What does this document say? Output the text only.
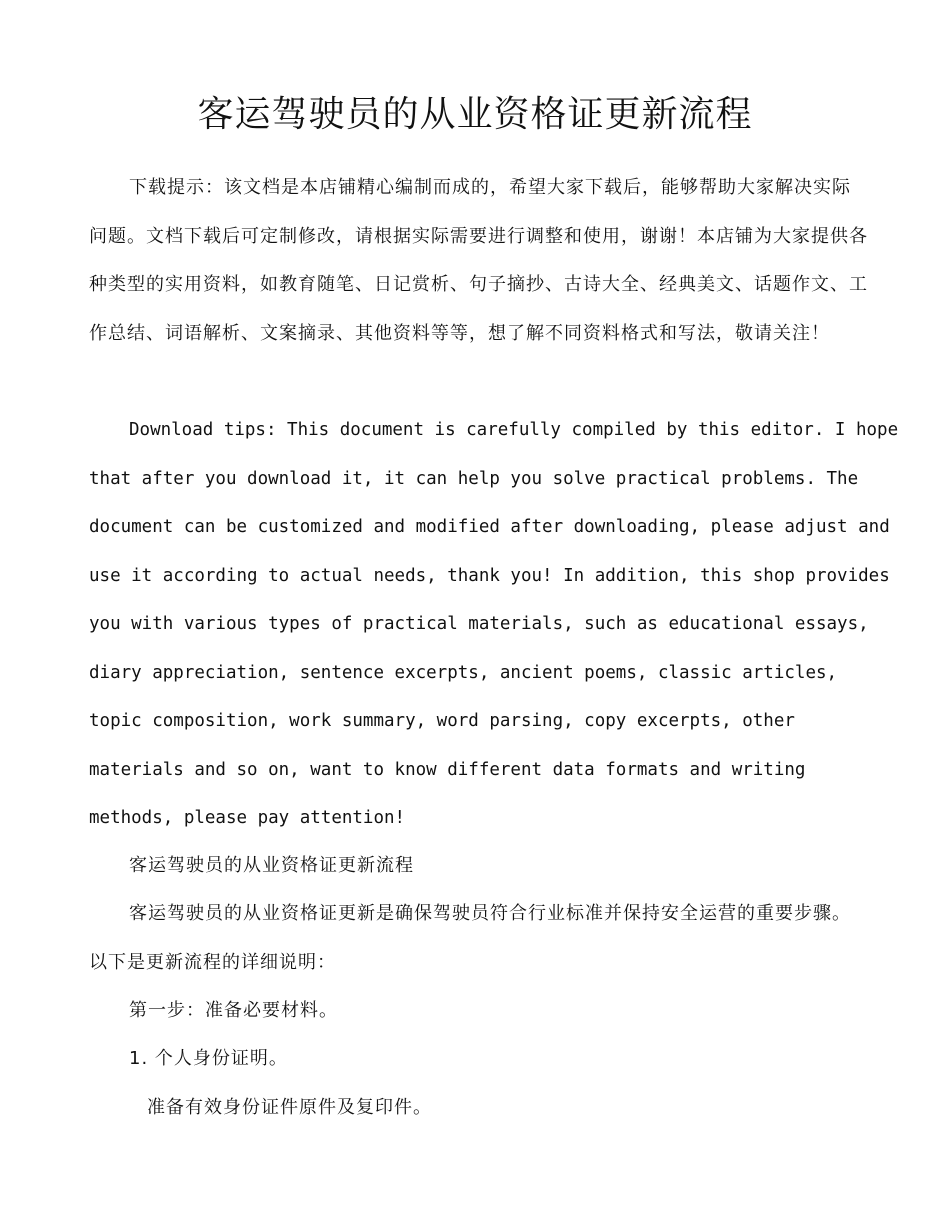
客运驾驶员的从业资格证更新流程

下载提示：该文档是本店铺精心编制而成的，希望大家下载后，能够帮助大家解决实际问题。文档下载后可定制修改，请根据实际需要进行调整和使用，谢谢！本店铺为大家提供各种类型的实用资料，如教育随笔、日记赏析、句子摘抄、古诗大全、经典美文、话题作文、工作总结、词语解析、文案摘录、其他资料等等，想了解不同资料格式和写法，敬请关注！

Download tips: This document is carefully compiled by this editor. I hope that after you download it, it can help you solve practical problems. The document can be customized and modified after downloading, please adjust and use it according to actual needs, thank you! In addition, this shop provides you with various types of practical materials, such as educational essays, diary appreciation, sentence excerpts, ancient poems, classic articles, topic composition, work summary, word parsing, copy excerpts, other materials and so on, want to know different data formats and writing methods, please pay attention!

客运驾驶员的从业资格证更新流程

客运驾驶员的从业资格证更新是确保驾驶员符合行业标准并保持安全运营的重要步骤。以下是更新流程的详细说明：

第一步：准备必要材料。

1. 个人身份证明。

准备有效身份证件原件及复印件。
